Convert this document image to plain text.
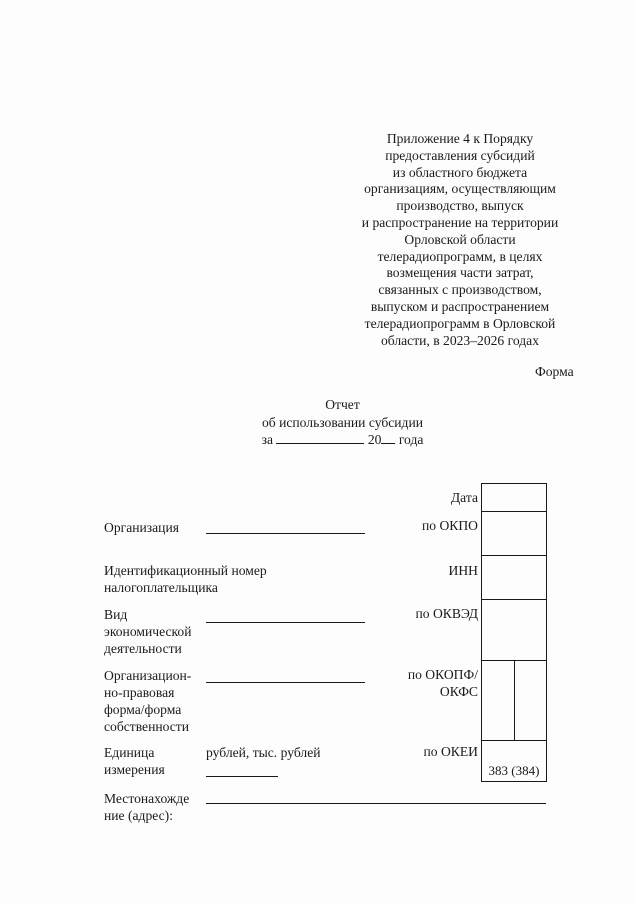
Приложение 4 к Порядку
предоставления субсидий
из областного бюджета
организациям, осуществляющим
производство, выпуск
и распространение на территории
Орловской области
телерадиопрограмм, в целях
возмещения части затрат,
связанных с производством,
выпуском и распространением
телерадиопрограмм в Орловской
области, в 2023–2026 годах
Форма
Отчет
об использовании субсидии
за	20 года
Организация
Идентификационный номер
налогоплательщика
Вид
экономической
деятельности
Организацион-
но-правовая
форма/форма
собственности
Единица
измерения
рублей, тыс. рублей
Местонахожде
ние (адрес):
Дата
по ОКПО
ИНН
по ОКВЭД
по ОКОПФ/
ОКФС
по ОКЕИ
383 (384)
